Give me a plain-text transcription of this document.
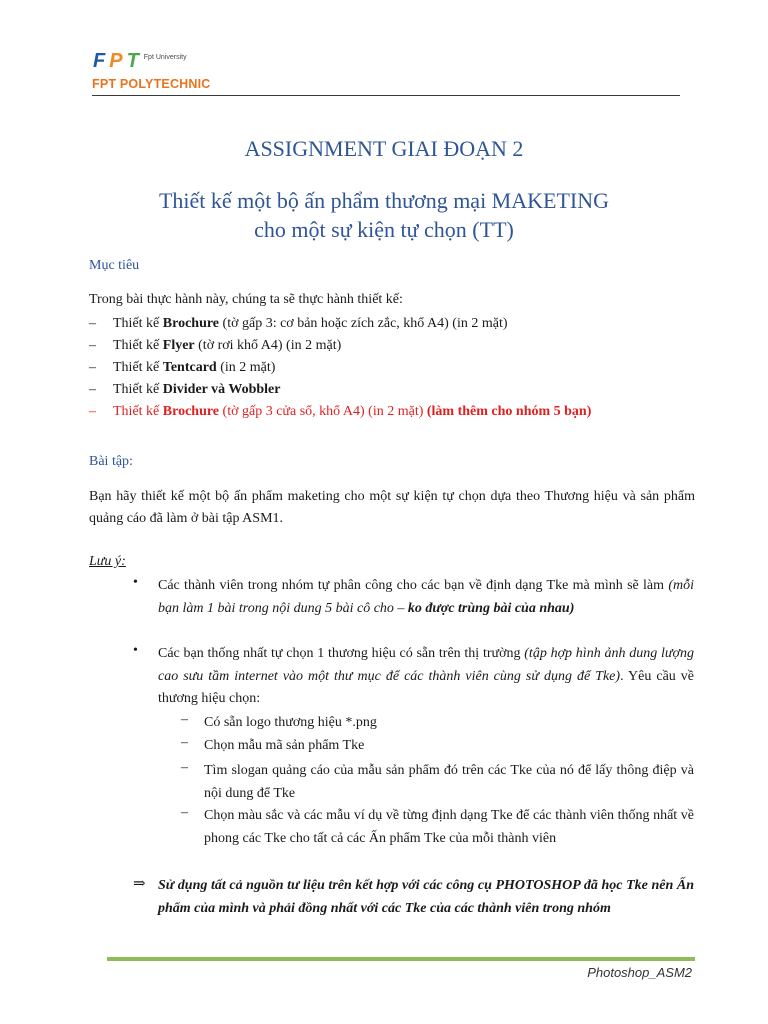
F P T Fpt University
FPT POLYTECHNIC
ASSIGNMENT GIAI ĐOẠN 2
Thiết kế một bộ ấn phẩm thương mại MAKETING
cho một sự kiện tự chọn (TT)
Mục tiêu
Trong bài thực hành này, chúng ta sẽ thực hành thiết kế:
– Thiết kế Brochure (tờ gấp 3: cơ bản hoặc zích zắc, khổ A4) (in 2 mặt)
– Thiết kế Flyer (tờ rơi khổ A4) (in 2 mặt)
– Thiết kế Tentcard (in 2 mặt)
– Thiết kế Divider và Wobbler
– Thiết kế Brochure (tờ gấp 3 cửa sổ, khổ A4) (in 2 mặt) (làm thêm cho nhóm 5 bạn)
Bài tập:
Bạn hãy thiết kế một bộ ấn phẩm maketing cho một sự kiện tự chọn dựa theo Thương hiệu và sản phẩm quảng cáo đã làm ở bài tập ASM1.
Lưu ý:
• Các thành viên trong nhóm tự phân công cho các bạn về định dạng Tke mà mình sẽ làm (mỗi bạn làm 1 bài trong nội dung 5 bài cô cho – ko được trùng bài của nhau)
• Các bạn thống nhất tự chọn 1 thương hiệu có sẵn trên thị trường (tập hợp hình ảnh dung lượng cao sưu tầm internet vào một thư mục để các thành viên cùng sử dụng để Tke). Yêu cầu về thương hiệu chọn:
– Có sẵn logo thương hiệu *.png
– Chọn mẫu mã sản phẩm Tke
– Tìm slogan quảng cáo của mẫu sản phẩm đó trên các Tke của nó để lấy thông điệp và nội dung để Tke
– Chọn màu sắc và các mẫu ví dụ về từng định dạng Tke để các thành viên thống nhất về phong các Tke cho tất cả các Ấn phẩm Tke của mỗi thành viên
⇒ Sử dụng tất cả nguồn tư liệu trên kết hợp với các công cụ PHOTOSHOP đã học Tke nên Ấn phẩm của mình và phải đồng nhất với các Tke của các thành viên trong nhóm
Photoshop_ASM2
